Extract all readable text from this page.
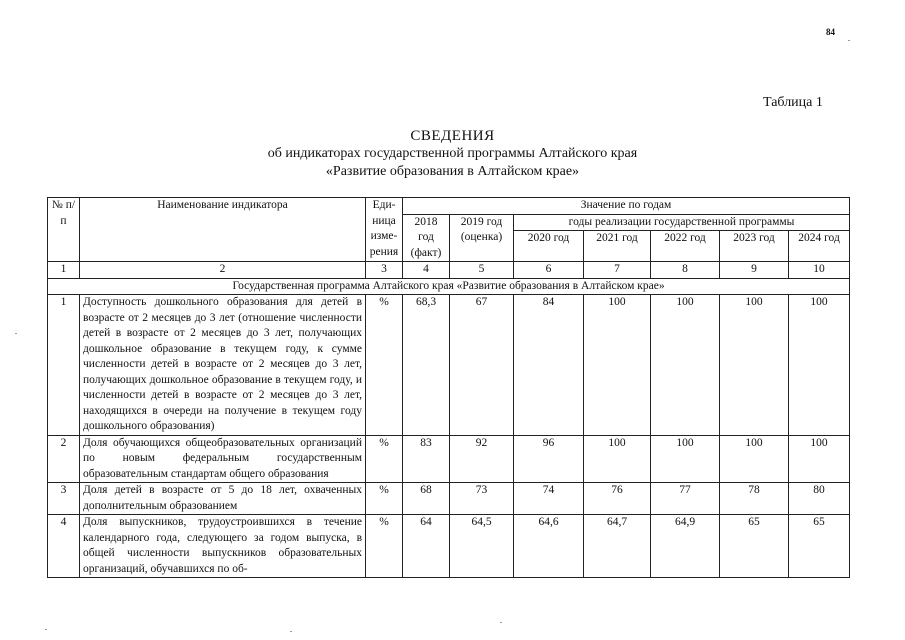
84
Таблица 1
СВЕДЕНИЯ
об индикаторах государственной программы Алтайского края
«Развитие образования в Алтайском крае»
№ п/п	Наименование индикатора	Еди-ница изме-рения	Значение по годам						
			2018 год (факт)	2019 год (оценка)	годы реализации государственной программы				
					2020 год	2021 год	2022 год	2023 год	2024 год

1	2	3	4	5	6	7	8	9	10
Государственная программа Алтайского края «Развитие образования в Алтайском крае»									
1	Доступность дошкольного образования для детей в возрасте от 2 месяцев до 3 лет (отношение численности детей в возрасте от 2 месяцев до 3 лет, получающих дошкольное образование в текущем году, к сумме численности детей в возрасте от 2 месяцев до 3 лет, получающих дошкольное образование в текущем году, и численности детей в возрасте от 2 месяцев до 3 лет, находящихся в очереди на получение в текущем году дошкольного образования)	%	68,3	67	84	100	100	100	100
2	Доля обучающихся общеобразовательных организаций по новым федеральным государственным образовательным стандартам общего образования	%	83	92	96	100	100	100	100
3	Доля детей в возрасте от 5 до 18 лет, охваченных дополнительным образованием	%	68	73	74	76	77	78	80
4	Доля выпускников, трудоустроившихся в течение календарного года, следующего за годом выпуска, в общей численности выпускников образовательных организаций, обучавшихся по об-	%	64	64,5	64,6	64,7	64,9	65	65
